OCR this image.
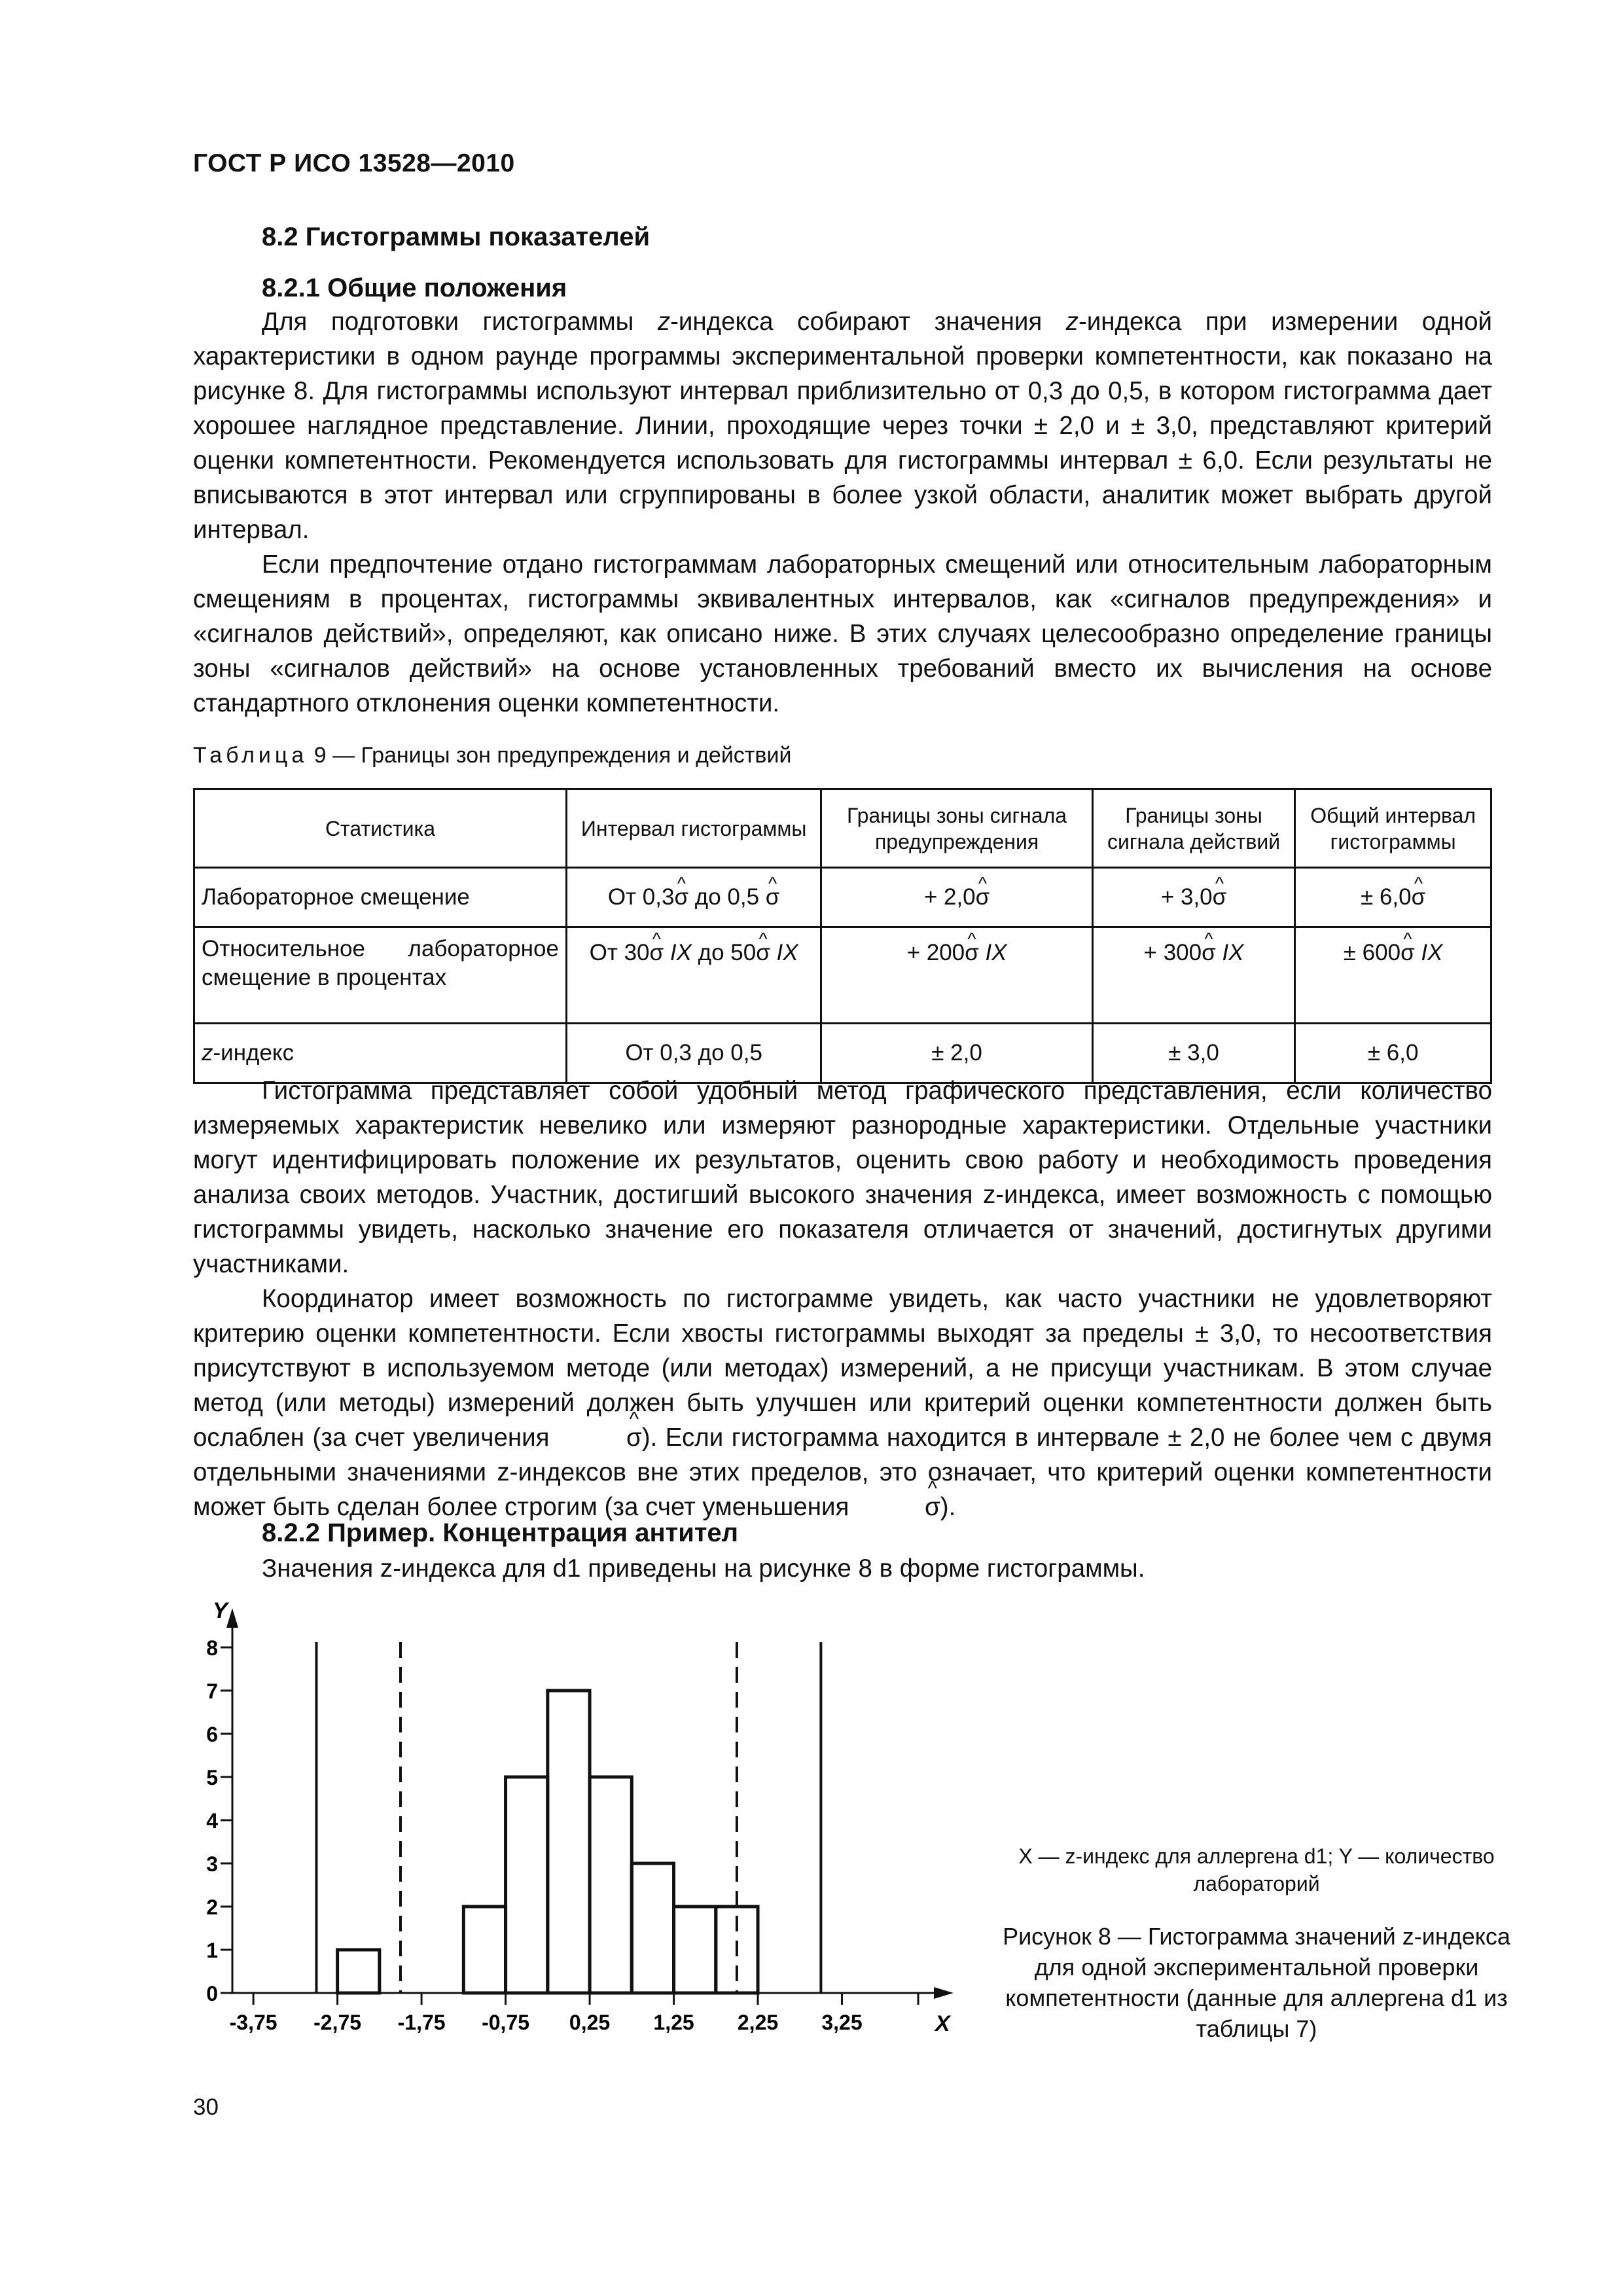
ГОСТ Р ИСО 13528—2010
8.2 Гистограммы показателей
8.2.1 Общие положения

Для подготовки гистограммы z-индекса собирают значения z-индекса при измерении одной характеристики в одном раунде программы экспериментальной проверки компетентности, как показано на рисунке 8. Для гистограммы используют интервал приблизительно от 0,3 до 0,5, в котором гистограмма дает хорошее наглядное представление. Линии, проходящие через точки ± 2,0 и ± 3,0, представляют критерий оценки компетентности. Рекомендуется использовать для гистограммы интервал ± 6,0. Если результаты не вписываются в этот интервал или сгруппированы в более узкой области, аналитик может выбрать другой интервал.

Если предпочтение отдано гистограммам лабораторных смещений или относительным лабораторным смещениям в процентах, гистограммы эквивалентных интервалов, как «сигналов предупреждения» и «сигналов действий», определяют, как описано ниже. В этих случаях целесообразно определение границы зоны «сигналов действий» на основе установленных требований вместо их вычисления на основе стандартного отклонения оценки компетентности.

Таблица 9 — Границы зон предупреждения и действий
Статистика	Интервал гистограммы	Границы зоны сигнала предупреждения	Границы зоны сигнала действий	Общий интервал гистограммы
Лабораторное смещение	От 0,3^ σ до 0,5 ^ σ	+ 2,0^ σ	+ 3,0^ σ	± 6,0^ σ
Относительное лабораторное смещение в процентах	От 30^ σ IX до 50^ σ IX	+ 200^ σ IX	+ 300^ σ IX	± 600^ σ IX
z-индекс	От 0,3 до 0,5	± 2,0	± 3,0	± 6,0

Гистограмма представляет собой удобный метод графического представления, если количество измеряемых характеристик невелико или измеряют разнородные характеристики. Отдельные участники могут идентифицировать положение их результатов, оценить свою работу и необходимость проведения анализа своих методов. Участник, достигший высокого значения z-индекса, имеет возможность с помощью гистограммы увидеть, насколько значение его показателя отличается от значений, достигнутых другими участниками.

Координатор имеет возможность по гистограмме увидеть, как часто участники не удовлетворяют критерию оценки компетентности. Если хвосты гистограммы выходят за пределы ± 3,0, то несоответствия присутствуют в используемом методе (или методах) измерений, а не присущи участникам. В этом случае метод (или методы) измерений должен быть улучшен или критерий оценки компетентности должен быть ослаблен (за счет увеличения	^ σ). Если гистограмма находится в интервале ± 2,0 не более чем с двумя отдельными значениями z-индексов вне этих пределов, это означает, что критерий оценки компетентности может быть сделан более строгим (за счет уменьшения	^ σ).

8.2.2 Пример. Концентрация антител

Значения z-индекса для d1 приведены на рисунке 8 в форме гистограммы.

0
1
2
3
4
5
6
7
8
-3,75 -2,75 -1,75 -0,75 0,25 1,25 2,25 3,25
Y
X
X — z-индекс для аллергена d1; Y — количество лабораторий
Рисунок 8 — Гистограмма значений z-индекса для одной экспериментальной проверки компетентности (данные для аллергена d1 из таблицы 7)
30
